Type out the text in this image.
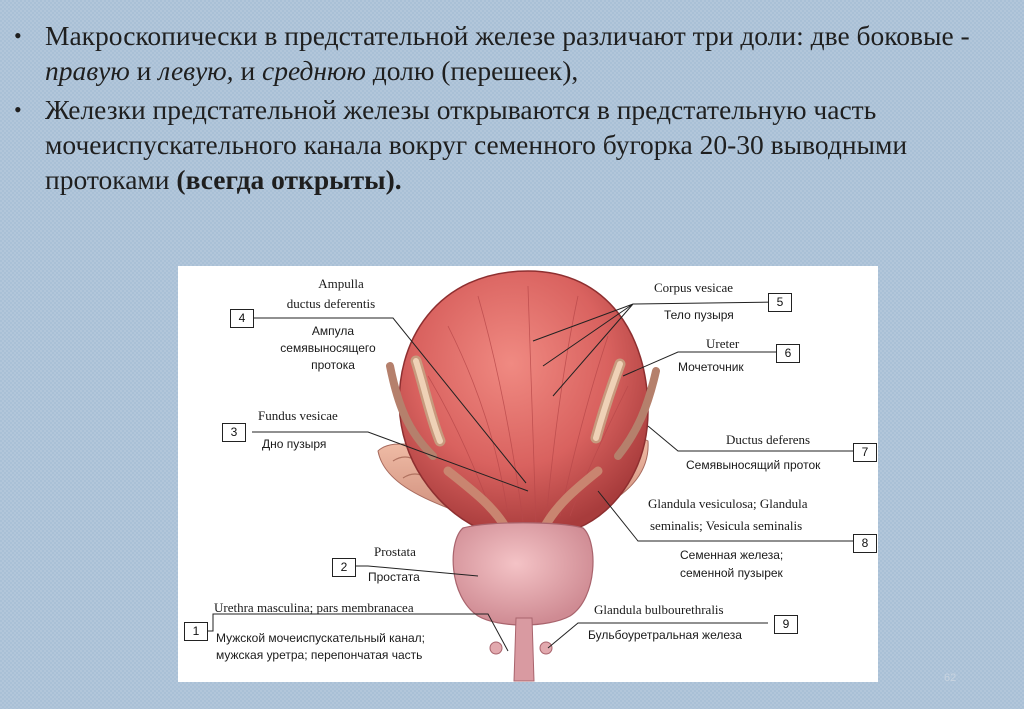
• Макроскопически в предстательной железе различают три доли: две боковые - правую и левую, и среднюю долю (перешеек),
• Железки предстательной железы открываются в предстательную часть мочеиспускательного канала вокруг семенного бугорка 20-30 выводными протоками (всегда открыты).
Ampulla
ductus deferentis
Ампула
семявыносящего
протока
4
Fundus vesicae
Дно пузыря
3
Prostata
Простата
2
Urethra masculina; pars membranacea
Мужской мочеиспускательный канал;
мужская уретра; перепончатая часть
1
Corpus vesicae
Тело пузыря
5
Ureter
Мочеточник
6
Ductus deferens
Семявыносящий проток
7
Glandula vesiculosa; Glandula
seminalis; Vesicula seminalis
Семенная железа;
семенной пузырек
8
Glandula bulbourethralis
Бульбоуретральная железа
9
62
